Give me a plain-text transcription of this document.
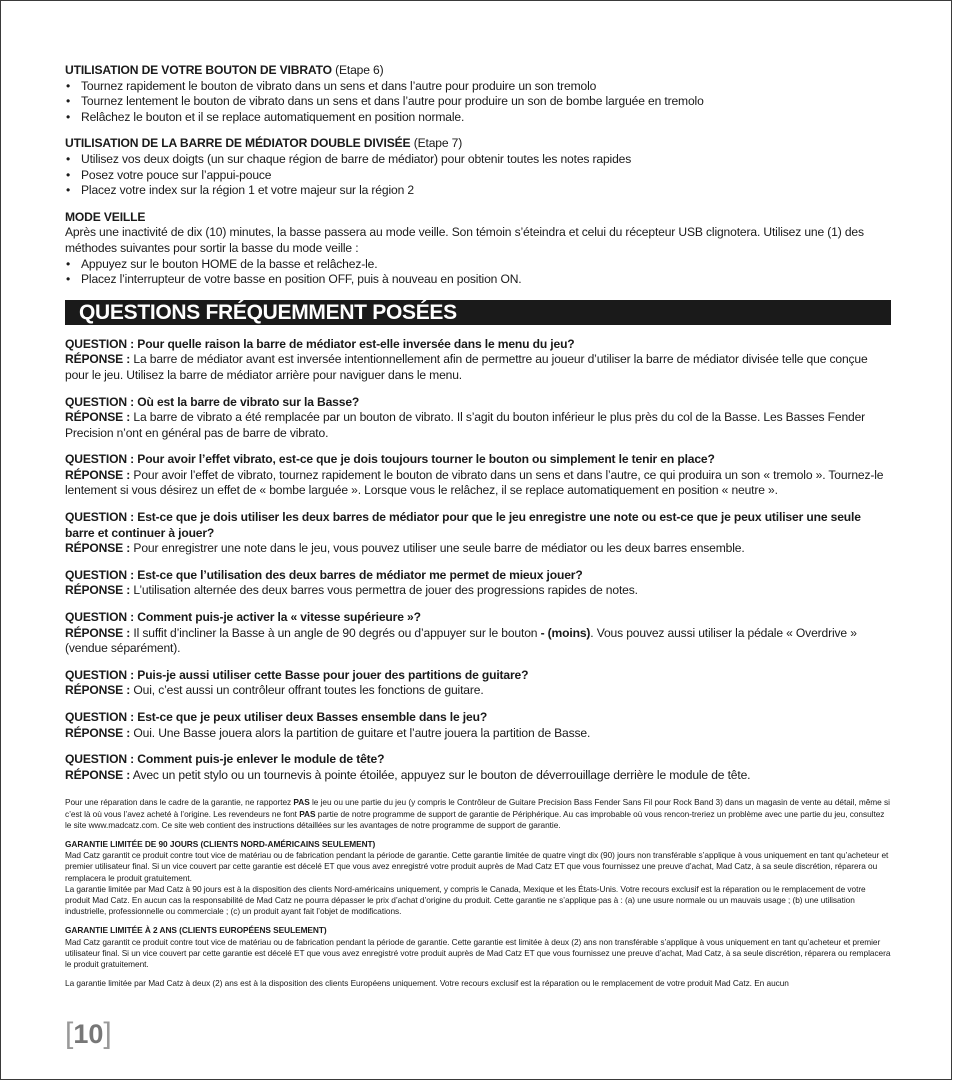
UTILISATION DE VOTRE BOUTON DE VIBRATO (Etape 6)
• Tournez rapidement le bouton de vibrato dans un sens et dans l’autre pour produire un son tremolo
• Tournez lentement le bouton de vibrato dans un sens et dans l’autre pour produire un son de bombe larguée en tremolo
• Relâchez le bouton et il se replace automatiquement en position normale.
UTILISATION DE LA BARRE DE MÉDIATOR DOUBLE DIVISÉE (Etape 7)
• Utilisez vos deux doigts (un sur chaque région de barre de médiator) pour obtenir toutes les notes rapides
• Posez votre pouce sur l’appui-pouce
• Placez votre index sur la région 1 et votre majeur sur la région 2
MODE VEILLE
Après une inactivité de dix (10) minutes, la basse passera au mode veille. Son témoin s’éteindra et celui du récepteur USB clignotera. Utilisez une (1) des méthodes suivantes pour sortir la basse du mode veille :
• Appuyez sur le bouton HOME de la basse et relâchez-le.
• Placez l’interrupteur de votre basse en position OFF, puis à nouveau en position ON.
QUESTIONS FRÉQUEMMENT POSÉES
QUESTION : Pour quelle raison la barre de médiator est-elle inversée dans le menu du jeu?
RÉPONSE : La barre de médiator avant est inversée intentionnellement afin de permettre au joueur d’utiliser la barre de médiator divisée telle que conçue pour le jeu. Utilisez la barre de médiator arrière pour naviguer dans le menu.
QUESTION : Où est la barre de vibrato sur la Basse?
RÉPONSE : La barre de vibrato a été remplacée par un bouton de vibrato. Il s’agit du bouton inférieur le plus près du col de la Basse. Les Basses Fender Precision n’ont en général pas de barre de vibrato.
QUESTION : Pour avoir l’effet vibrato, est-ce que je dois toujours tourner le bouton ou simplement le tenir en place?
RÉPONSE : Pour avoir l’effet de vibrato, tournez rapidement le bouton de vibrato dans un sens et dans l’autre, ce qui produira un son « tremolo ». Tournez-le lentement si vous désirez un effet de « bombe larguée ». Lorsque vous le relâchez, il se replace automatiquement en position « neutre ».
QUESTION : Est-ce que je dois utiliser les deux barres de médiator pour que le jeu enregistre une note ou est-ce que je peux utiliser une seule barre et continuer à jouer?
RÉPONSE : Pour enregistrer une note dans le jeu, vous pouvez utiliser une seule barre de médiator ou les deux barres ensemble.
QUESTION : Est-ce que l’utilisation des deux barres de médiator me permet de mieux jouer?
RÉPONSE : L’utilisation alternée des deux barres vous permettra de jouer des progressions rapides de notes.
QUESTION : Comment puis-je activer la « vitesse supérieure »?
RÉPONSE : Il suffit d’incliner la Basse à un angle de 90 degrés ou d’appuyer sur le bouton - (moins). Vous pouvez aussi utiliser la pédale « Overdrive » (vendue séparément).
QUESTION : Puis-je aussi utiliser cette Basse pour jouer des partitions de guitare?
RÉPONSE : Oui, c’est aussi un contrôleur offrant toutes les fonctions de guitare.
QUESTION : Est-ce que je peux utiliser deux Basses ensemble dans le jeu?
RÉPONSE : Oui. Une Basse jouera alors la partition de guitare et l’autre jouera la partition de Basse.
QUESTION : Comment puis-je enlever le module de tête?
RÉPONSE : Avec un petit stylo ou un tournevis à pointe étoilée, appuyez sur le bouton de déverrouillage derrière le module de tête.

Pour une réparation dans le cadre de la garantie, ne rapportez PAS le jeu ou une partie du jeu (y compris le Contrôleur de Guitare Precision Bass Fender Sans Fil pour Rock Band 3) dans un magasin de vente au détail, même si c’est là où vous l’avez acheté à l’origine. Les revendeurs ne font PAS partie de notre programme de support de garantie de Périphérique. Au cas improbable où vous rencon-treriez un problème avec une partie du jeu, consultez le site www.madcatz.com. Ce site web contient des instructions détaillées sur les avantages de notre programme de support de garantie.

GARANTIE LIMITÉE DE 90 JOURS (CLIENTS NORD-AMÉRICAINS SEULEMENT)
Mad Catz garantit ce produit contre tout vice de matériau ou de fabrication pendant la période de garantie. Cette garantie limitée de quatre vingt dix (90) jours non transférable s’applique à vous uniquement en tant qu’acheteur et premier utilisateur final. Si un vice couvert par cette garantie est décelé ET que vous avez enregistré votre produit auprès de Mad Catz ET que vous fournissez une preuve d’achat, Mad Catz, à sa seule discrétion, réparera ou remplacera le produit gratuitement.
La garantie limitée par Mad Catz à 90 jours est à la disposition des clients Nord-américains uniquement, y compris le Canada, Mexique et les États-Unis. Votre recours exclusif est la réparation ou le remplacement de votre produit Mad Catz. En aucun cas la responsabilité de Mad Catz ne pourra dépasser le prix d’achat d’origine du produit. Cette garantie ne s’applique pas à : (a) une usure normale ou un mauvais usage ; (b) une utilisation industrielle, professionnelle ou commerciale ; (c) un produit ayant fait l’objet de modifications.
GARANTIE LIMITÉE À 2 ANS (CLIENTS EUROPÉENS SEULEMENT)
Mad Catz garantit ce produit contre tout vice de matériau ou de fabrication pendant la période de garantie. Cette garantie est limitée à deux (2) ans non transférable s’applique à vous uniquement en tant qu’acheteur et premier utilisateur final. Si un vice couvert par cette garantie est décelé ET que vous avez enregistré votre produit auprès de Mad Catz ET que vous fournissez une preuve d’achat, Mad Catz, à sa seule discrétion, réparera ou remplacera le produit gratuitement.
La garantie limitée par Mad Catz à deux (2) ans est à la disposition des clients Européens uniquement. Votre recours exclusif est la réparation ou le remplacement de votre produit Mad Catz. En aucun
[10]
